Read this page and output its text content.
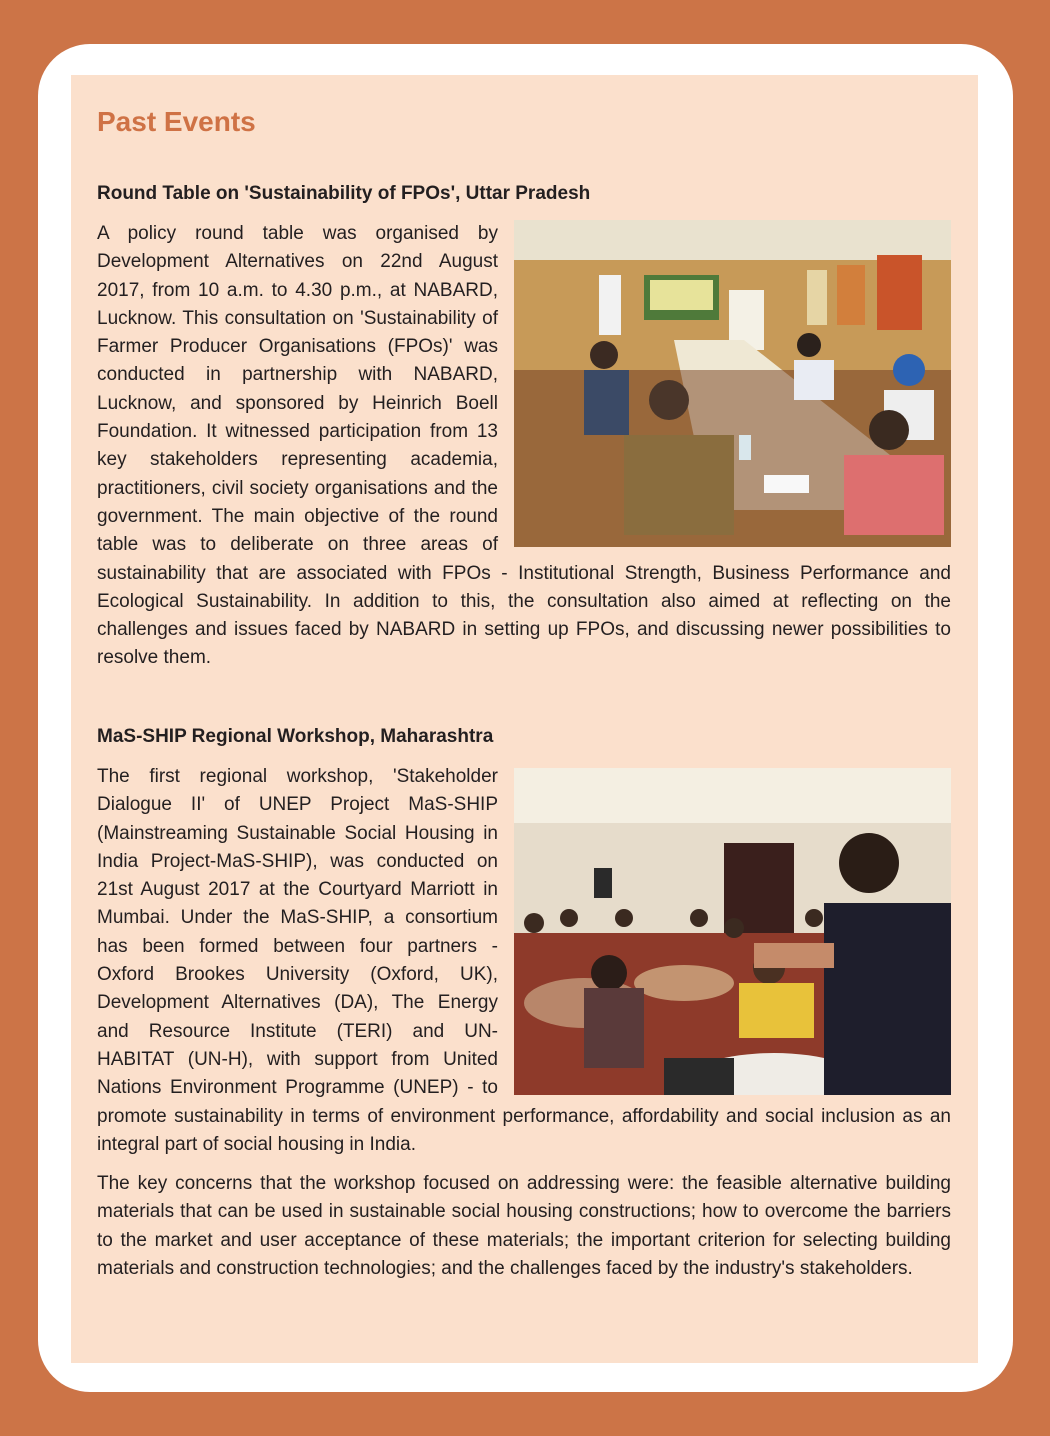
Past Events
Round Table on 'Sustainability of FPOs', Uttar Pradesh

A policy round table was organised by Development Alternatives on 22nd August 2017, from 10 a.m. to 4.30 p.m., at NABARD, Lucknow. This consultation on 'Sustainability of Farmer Producer Organisations (FPOs)' was conducted in partnership with NABARD, Lucknow, and sponsored by Heinrich Boell Foundation. It witnessed participation from 13 key stakeholders representing academia, practitioners, civil society organisations and the government. The main objective of the round table was to deliberate on three areas of sustainability that are associated with FPOs - Institutional Strength, Business Performance and Ecological Sustainability. In addition to this, the consultation also aimed at reflecting on the challenges and issues faced by NABARD in setting up FPOs, and discussing newer possibilities to resolve them.

MaS-SHIP Regional Workshop, Maharashtra

The first regional workshop, 'Stakeholder Dialogue II' of UNEP Project MaS-SHIP (Mainstreaming Sustainable Social Housing in India Project-MaS-SHIP), was conducted on 21st August 2017 at the Courtyard Marriott in Mumbai. Under the MaS-SHIP, a consortium has been formed between four partners - Oxford Brookes University (Oxford, UK), Development Alternatives (DA), The Energy and Resource Institute (TERI) and UN-HABITAT (UN-H), with support from United Nations Environment Programme (UNEP) - to promote sustainability in terms of environment performance, affordability and social inclusion as an integral part of social housing in India.

The key concerns that the workshop focused on addressing were: the feasible alternative building materials that can be used in sustainable social housing constructions; how to overcome the barriers to the market and user acceptance of these materials; the important criterion for selecting building materials and construction technologies; and the challenges faced by the industry's stakeholders.
